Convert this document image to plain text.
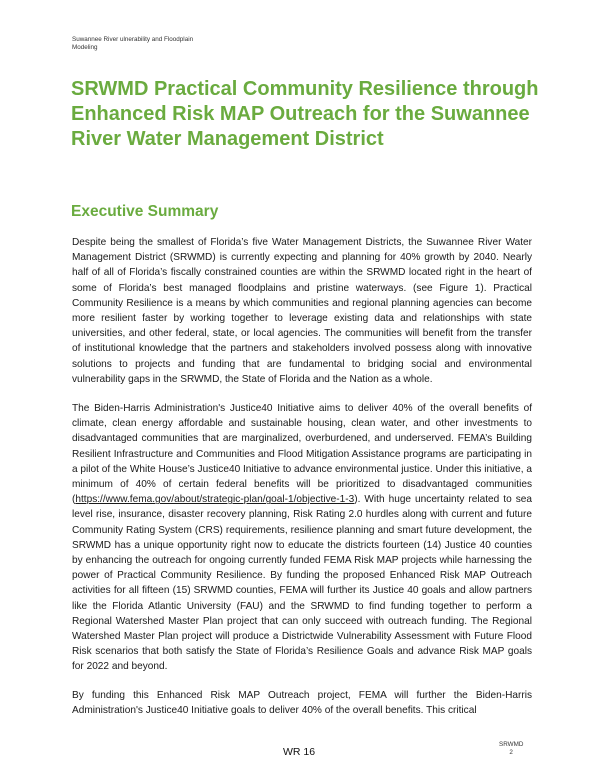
Suwannee River ulnerability and Floodplain
Modeling
SRWMD Practical Community Resilience through Enhanced Risk MAP Outreach for the Suwannee River Water Management District
Executive Summary

Despite being the smallest of Florida’s five Water Management Districts, the Suwannee River Water Management District (SRWMD) is currently expecting and planning for 40% growth by 2040. Nearly half of all of Florida’s fiscally constrained counties are within the SRWMD located right in the heart of some of Florida’s best managed floodplains and pristine waterways. (see Figure 1). Practical Community Resilience is a means by which communities and regional planning agencies can become more resilient faster by working together to leverage existing data and relationships with state universities, and other federal, state, or local agencies. The communities will benefit from the transfer of institutional knowledge that the partners and stakeholders involved possess along with innovative solutions to projects and funding that are fundamental to bridging social and environmental vulnerability gaps in the SRWMD, the State of Florida and the Nation as a whole.

The Biden-Harris Administration's Justice40 Initiative aims to deliver 40% of the overall benefits of climate, clean energy affordable and sustainable housing, clean water, and other investments to disadvantaged communities that are marginalized, overburdened, and underserved. FEMA’s Building Resilient Infrastructure and Communities and Flood Mitigation Assistance programs are participating in a pilot of the White House’s Justice40 Initiative to advance environmental justice. Under this initiative, a minimum of 40% of certain federal benefits will be prioritized to disadvantaged communities (https://www.fema.gov/about/strategic-plan/goal-1/objective-1-3). With huge uncertainty related to sea level rise, insurance, disaster recovery planning, Risk Rating 2.0 hurdles along with current and future Community Rating System (CRS) requirements, resilience planning and smart future development, the SRWMD has a unique opportunity right now to educate the districts fourteen (14) Justice 40 counties by enhancing the outreach for ongoing currently funded FEMA Risk MAP projects while harnessing the power of Practical Community Resilience. By funding the proposed Enhanced Risk MAP Outreach activities for all fifteen (15) SRWMD counties, FEMA will further its Justice 40 goals and allow partners like the Florida Atlantic University (FAU) and the SRWMD to find funding together to perform a Regional Watershed Master Plan project that can only succeed with outreach funding. The Regional Watershed Master Plan project will produce a Districtwide Vulnerability Assessment with Future Flood Risk scenarios that both satisfy the State of Florida’s Resilience Goals and advance Risk MAP goals for 2022 and beyond.

By funding this Enhanced Risk MAP Outreach project, FEMA will further the Biden-Harris Administration's Justice40 Initiative goals to deliver 40% of the overall benefits. This critical

WR 16
SRWMD
2
